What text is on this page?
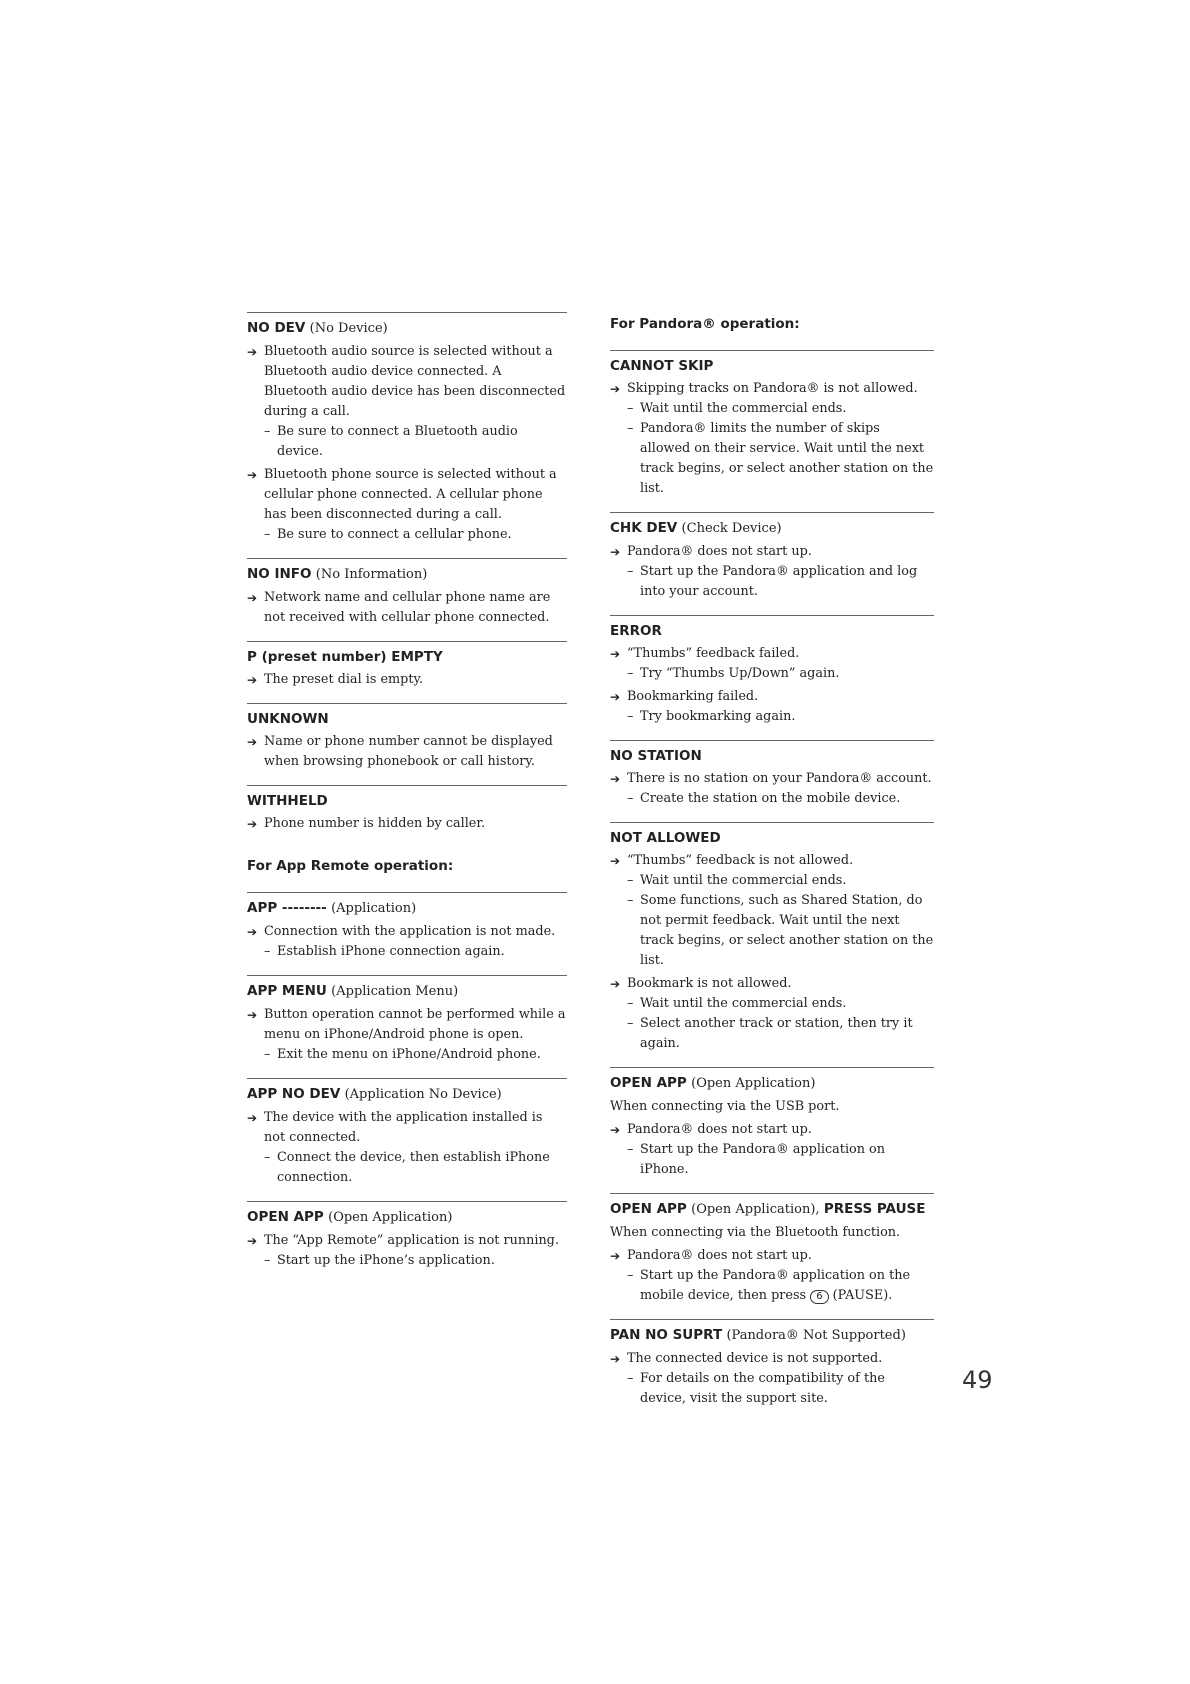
NO DEV (No Device)
➔ Bluetooth audio source is selected without a Bluetooth audio device connected. A Bluetooth audio device has been disconnected during a call.
– Be sure to connect a Bluetooth audio device.
➔ Bluetooth phone source is selected without a cellular phone connected. A cellular phone has been disconnected during a call.
– Be sure to connect a cellular phone.
NO INFO (No Information)
➔ Network name and cellular phone name are not received with cellular phone connected.
P (preset number) EMPTY
➔ The preset dial is empty.
UNKNOWN
➔ Name or phone number cannot be displayed when browsing phonebook or call history.
WITHHELD
➔ Phone number is hidden by caller.
For App Remote operation:
APP -------- (Application)
➔ Connection with the application is not made.
– Establish iPhone connection again.
APP MENU (Application Menu)
➔ Button operation cannot be performed while a menu on iPhone/Android phone is open.
– Exit the menu on iPhone/Android phone.
APP NO DEV (Application No Device)
➔ The device with the application installed is not connected.
– Connect the device, then establish iPhone connection.
OPEN APP (Open Application)
➔ The “App Remote” application is not running.
– Start up the iPhone’s application.
For Pandora® operation:
CANNOT SKIP
➔ Skipping tracks on Pandora® is not allowed.
– Wait until the commercial ends.
– Pandora® limits the number of skips allowed on their service. Wait until the next track begins, or select another station on the list.
CHK DEV (Check Device)
➔ Pandora® does not start up.
– Start up the Pandora® application and log into your account.
ERROR
➔ “Thumbs” feedback failed.
– Try “Thumbs Up/Down” again.
➔ Bookmarking failed.
– Try bookmarking again.
NO STATION
➔ There is no station on your Pandora® account.
– Create the station on the mobile device.
NOT ALLOWED
➔ “Thumbs” feedback is not allowed.
– Wait until the commercial ends.
– Some functions, such as Shared Station, do not permit feedback. Wait until the next track begins, or select another station on the list.
➔ Bookmark is not allowed.
– Wait until the commercial ends.
– Select another track or station, then try it again.
OPEN APP (Open Application)
When connecting via the USB port.
➔ Pandora® does not start up.
– Start up the Pandora® application on iPhone.
OPEN APP (Open Application), PRESS PAUSE
When connecting via the Bluetooth function.
➔ Pandora® does not start up.
– Start up the Pandora® application on the mobile device, then press 6 (PAUSE).
PAN NO SUPRT (Pandora® Not Supported)
➔ The connected device is not supported.
– For details on the compatibility of the device, visit the support site.
49
